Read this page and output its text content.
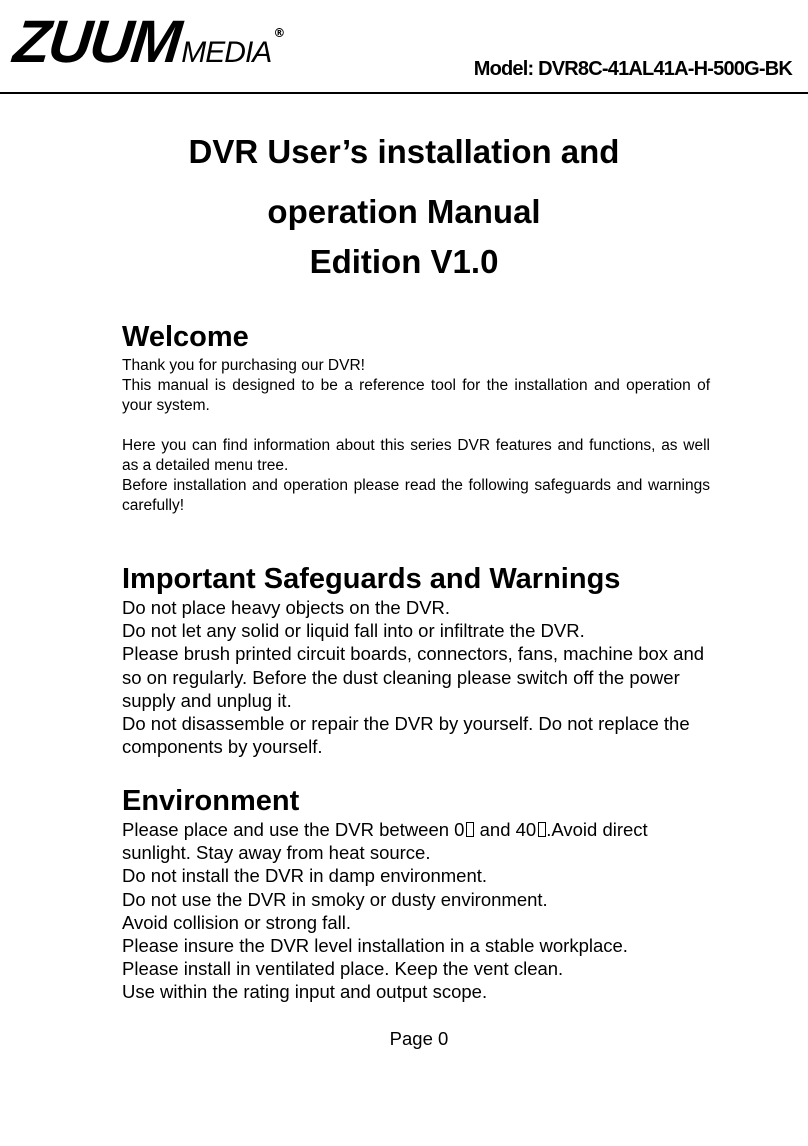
ZUUM
MEDIA
®
Model: DVR8C-41AL41A-H-500G-BK
DVR User’s installation and
operation Manual
Edition V1.0
Welcome

Thank you for purchasing our DVR!

This manual is designed to be a reference tool for the installation and operation of your system.

Here you can find information about this series DVR features and functions, as well as a detailed menu tree.

Before installation and operation please read the following safeguards and warnings carefully!

Important Safeguards and Warnings

Do not place heavy objects on the DVR.

Do not let any solid or liquid fall into or infiltrate the DVR.

Please brush printed circuit boards, connectors, fans, machine box and so on regularly. Before the dust cleaning please switch off the power supply and unplug it.

Do not disassemble or repair the DVR by yourself. Do not replace the components by yourself.

Environment

Please place and use the DVR between 0 and 40 .Avoid direct sunlight. Stay away from heat source.

Do not install the DVR in damp environment.

Do not use the DVR in smoky or dusty environment.

Avoid collision or strong fall.

Please insure the DVR level installation in a stable workplace.

Please install in ventilated place. Keep the vent clean.

Use within the rating input and output scope.

Page 0
